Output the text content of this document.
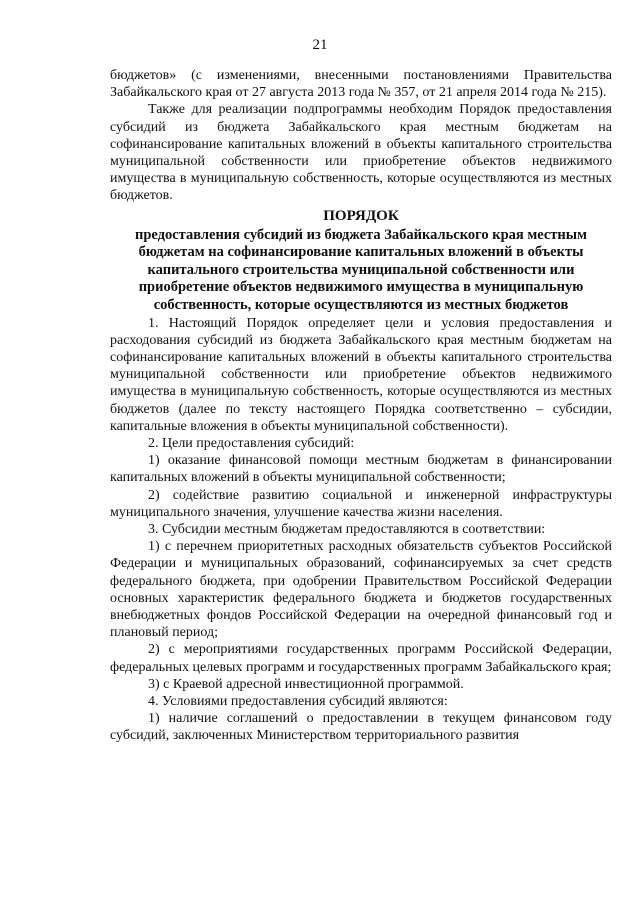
21

бюджетов» (с изменениями, внесенными постановлениями Правительства Забайкальского края от 27 августа 2013 года № 357, от 21 апреля 2014 года № 215).

Также для реализации подпрограммы необходим Порядок предоставления субсидий из бюджета Забайкальского края местным бюджетам на софинансирование капитальных вложений в объекты капитального строительства муниципальной собственности или приобретение объектов недвижимого имущества в муниципальную собственность, которые осуществляются из местных бюджетов.

ПОРЯДОК

предоставления субсидий из бюджета Забайкальского края местным бюджетам на софинансирование капитальных вложений в объекты капитального строительства муниципальной собственности или приобретение объектов недвижимого имущества в муниципальную собственность, которые осуществляются из местных бюджетов

1. Настоящий Порядок определяет цели и условия предоставления и расходования субсидий из бюджета Забайкальского края местным бюджетам на софинансирование капитальных вложений в объекты капитального строительства муниципальной собственности или приобретение объектов недвижимого имущества в муниципальную собственность, которые осуществляются из местных бюджетов (далее по тексту настоящего Порядка соответственно – субсидии, капитальные вложения в объекты муниципальной собственности).

2. Цели предоставления субсидий:

1) оказание финансовой помощи местным бюджетам в финансировании капитальных вложений в объекты муниципальной собственности;

2) содействие развитию социальной и инженерной инфраструктуры муниципального значения, улучшение качества жизни населения.

3. Субсидии местным бюджетам предоставляются в соответствии:

1) с перечнем приоритетных расходных обязательств субъектов Российской Федерации и муниципальных образований, софинансируемых за счет средств федерального бюджета, при одобрении Правительством Российской Федерации основных характеристик федерального бюджета и бюджетов государственных внебюджетных фондов Российской Федерации на очередной финансовый год и плановый период;

2) с мероприятиями государственных программ Российской Федерации, федеральных целевых программ и государственных программ Забайкальского края;

3) с Краевой адресной инвестиционной программой.

4. Условиями предоставления субсидий являются:

1) наличие соглашений о предоставлении в текущем финансовом году субсидий, заключенных Министерством территориального развития
